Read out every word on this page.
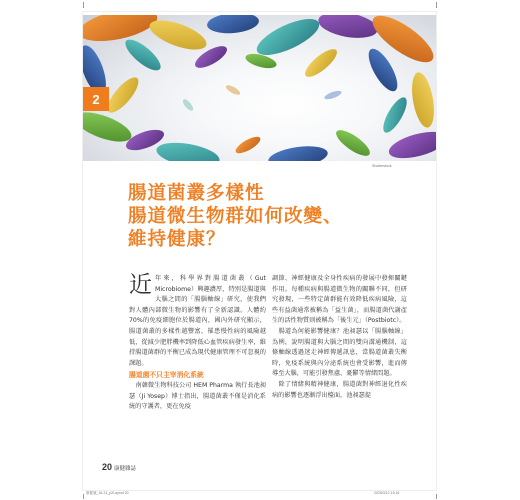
2
Shutterstock
腸道菌叢多樣性
腸道微生物群如何改變、
維持健康？

近年來，科學界對腸道菌叢（Gut Microbiome）興趣濃厚，特別是腸道與大腦之間的「腸腦軸線」研究，使我們對人體內部微生物的影響有了全新認識。人體約70%的免疫細胞位於腸道內，國內外研究顯示，腸道菌叢的多樣性越豐富，罹患慢性病的風險越低，從減少肥胖機率到降低心血管疾病發生率，維持腸道菌群的平衡已成為現代健康管理不可忽視的課題。

腸道菌不只主宰消化系統

南韓微生物科技公司 HEM Pharma 執行長池昶瑟（Ji Yosep）博士指出，腸道菌叢不僅是消化系統的守護者，更在免疫

調節、神經健康及全身性疾病的發展中發揮關鍵作用。每種疾病與腸道微生物的關聯不同，但研究發現，一些特定菌群能有效降低疾病風險，這些有益菌通常被稱為「益生菌」，而腸道菌代謝產生的活性物質則被稱為「後生元」（Postbiotc）。

腸道為何能影響健康？池昶瑟以「腸腦軸線」為例，說明腸道與大腦之間的雙向溝通機制，這條軸線透過迷走神經傳遞訊息，當腸道菌叢失衡時，免疫系統與內分泌系統也會受影響，進而傳導至大腦，可能引發焦慮、憂鬱等情緒問題。

除了情緒與精神健康，腸道菌對神經退化性疾病的影響也逐漸浮出檯面，池昶瑟提

20 康健雜誌
康健號_16-21_p2Layout 20	2025/3/12 13:16
